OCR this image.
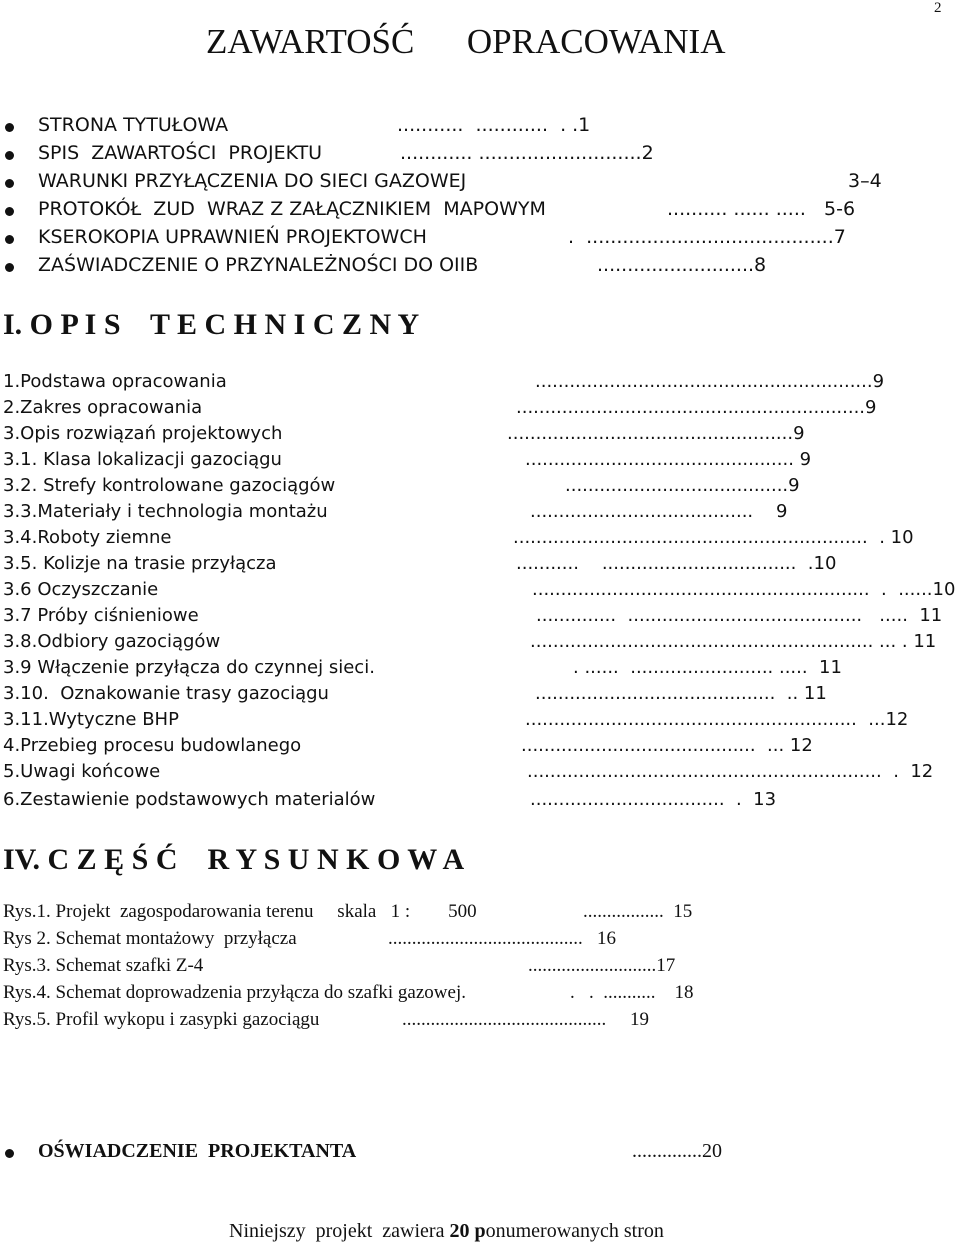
2
ZAWARTOŚĆ      OPRACOWANIA
STRONA TYTUŁOWA	...........  ............  . .1
SPIS  ZAWARTOŚCI  PROJEKTU	............ ...........................2
WARUNKI PRZYŁĄCZENIA DO SIECI GAZOWEJ	3–4
PROTOKÓŁ  ZUD  WRAZ Z ZAŁĄCZNIKIEM  MAPOWYM	.......... ...... .....   5-6
KSEROKOPIA UPRAWNIEŃ PROJEKTOWCH	.  .........................................7
ZAŚWIADCZENIE O PRZYNALEŻNOŚCI DO OIIB	..........................8
I. O P I S    T E C H N I C Z N Y
1.Podstawa opracowania	...........................................................9
2.Zakres opracowania	.............................................................9
3.Opis rozwiązań projektowych	..................................................9
3.1. Klasa lokalizacji gazociągu	............................................... 9
3.2. Strefy kontrolowane gazociągów	.......................................9
3.3.Materiały i technologia montażu	.......................................    9
3.4.Roboty ziemne	..............................................................  . 10
3.5. Kolizje na trasie przyłącza	...........    ..................................  .10
3.6 Oczyszczanie	...........................................................  .  ......10
3.7 Próby ciśnieniowe	..............  .........................................   .....  11
3.8.Odbiory gazociągów	............................................................ ... . 11
3.9 Włączenie przyłącza do czynnej sieci.	. ......  ......................... .....  11
3.10.  Oznakowanie trasy gazociągu	..........................................  .. 11
3.11.Wytyczne BHP	..........................................................  ...12
4.Przebieg procesu budowlanego	.........................................  ... 12
5.Uwagi końcowe	..............................................................  .  12
6.Zestawienie podstawowych materialów	..................................  .  13
IV. C Z Ę Ś Ć    R Y S U N K O W A
Rys.1. Projekt  zagospodarowania terenu     skala   1 :        500	.................  15
Rys 2. Schemat montażowy  przyłącza	.........................................   16
Rys.3. Schemat szafki Z-4	...........................17
Rys.4. Schemat doprowadzenia przyłącza do szafki gazowej.	.   .  ...........    18
Rys.5. Profil wykopu i zasypki gazociągu	...........................................     19
OŚWIADCZENIE  PROJEKTANTA	..............20
Niniejszy  projekt  zawiera 20 ponumerowanych stron
